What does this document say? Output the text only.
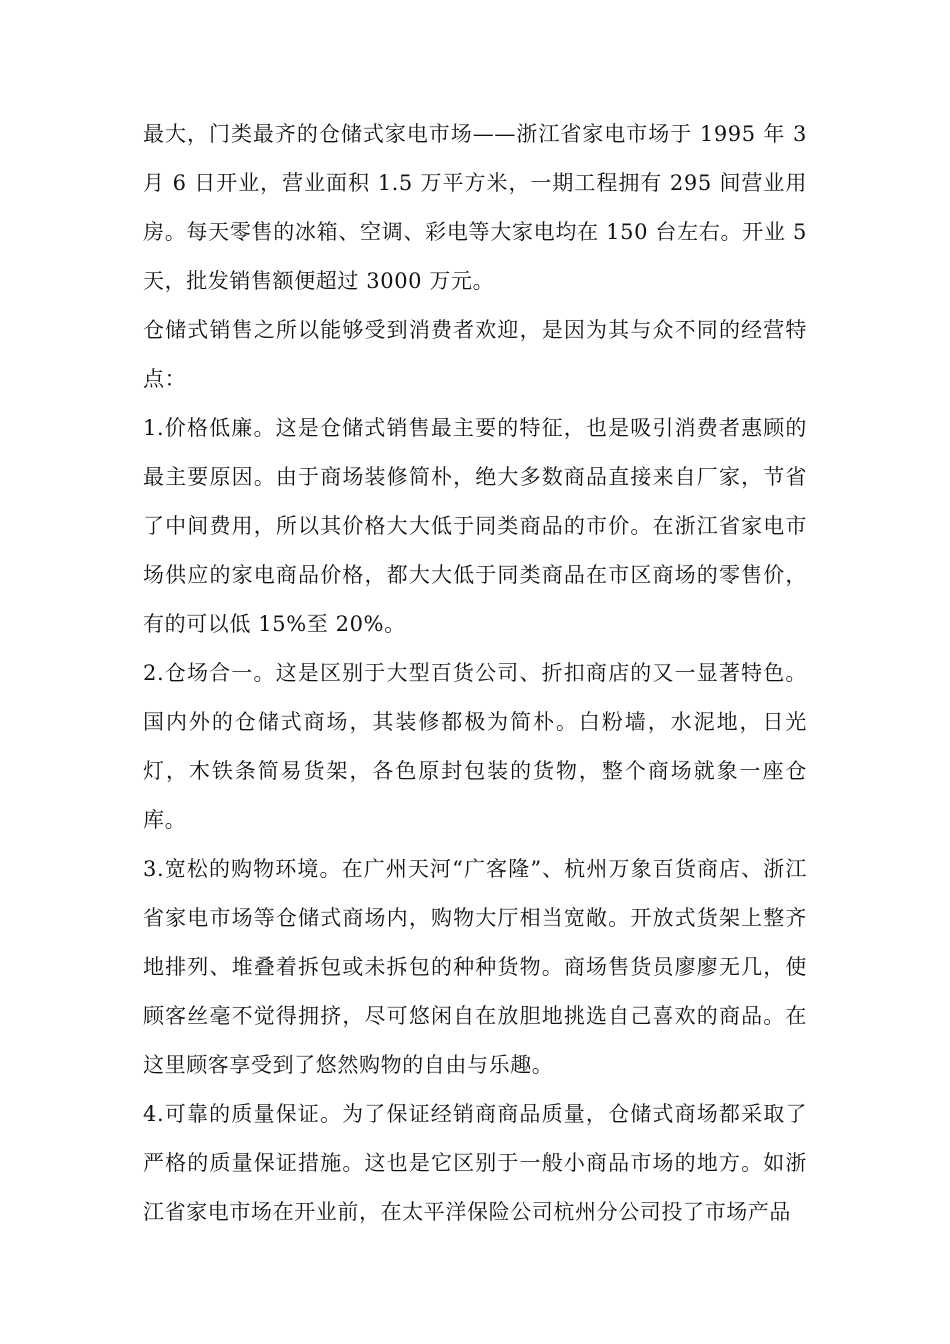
最大，门类最齐的仓储式家电市场——浙江省家电市场于 1995 年 3 月 6 日开业，营业面积 1.5 万平方米，一期工程拥有 295 间营业用房。每天零售的冰箱、空调、彩电等大家电均在 150 台左右。开业 5 天，批发销售额便超过 3000 万元。

仓储式销售之所以能够受到消费者欢迎，是因为其与众不同的经营特点：

1.价格低廉。这是仓储式销售最主要的特征，也是吸引消费者惠顾的最主要原因。由于商场装修简朴，绝大多数商品直接来自厂家，节省了中间费用，所以其价格大大低于同类商品的市价。在浙江省家电市场供应的家电商品价格，都大大低于同类商品在市区商场的零售价，有的可以低 15%至 20%。

2.仓场合一。这是区别于大型百货公司、折扣商店的又一显著特色。国内外的仓储式商场，其装修都极为简朴。白粉墙，水泥地，日光灯，木铁条简易货架，各色原封包装的货物，整个商场就象一座仓库。

3.宽松的购物环境。在广州天河“广客隆”、杭州万象百货商店、浙江省家电市场等仓储式商场内，购物大厅相当宽敞。开放式货架上整齐地排列、堆叠着拆包或未拆包的种种货物。商场售货员廖廖无几，使顾客丝毫不觉得拥挤，尽可悠闲自在放胆地挑选自己喜欢的商品。在这里顾客享受到了悠然购物的自由与乐趣。

4.可靠的质量保证。为了保证经销商商品质量，仓储式商场都采取了严格的质量保证措施。这也是它区别于一般小商品市场的地方。如浙江省家电市场在开业前，在太平洋保险公司杭州分公司投了市场产品
